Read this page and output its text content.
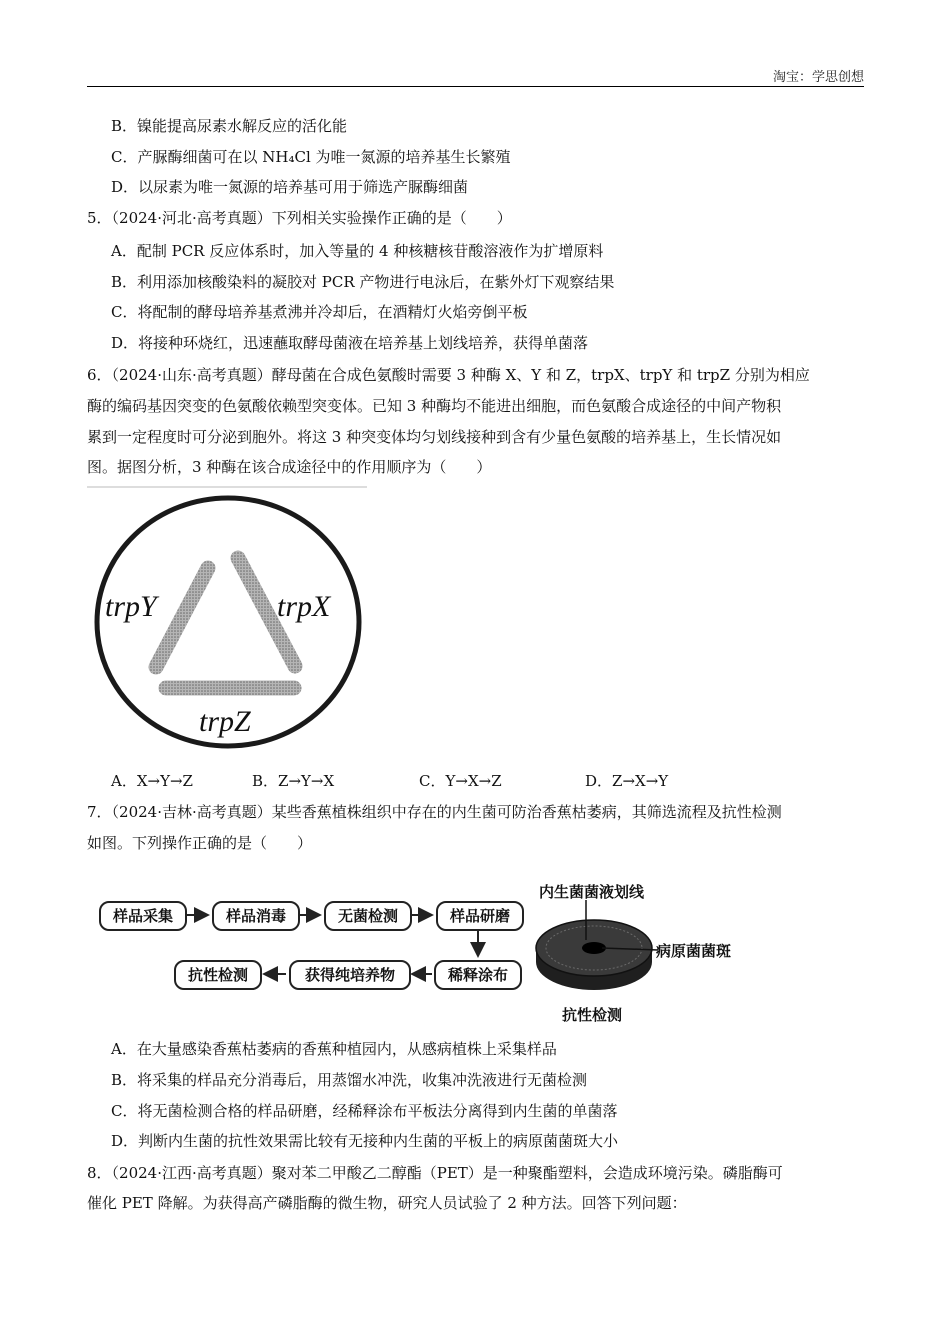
淘宝：学思创想
B．镍能提高尿素水解反应的活化能
C．产脲酶细菌可在以 NH₄Cl 为唯一氮源的培养基生长繁殖
D．以尿素为唯一氮源的培养基可用于筛选产脲酶细菌
5．（2024·河北·高考真题）下列相关实验操作正确的是（　　）
A．配制 PCR 反应体系时，加入等量的 4 种核糖核苷酸溶液作为扩增原料
B．利用添加核酸染料的凝胶对 PCR 产物进行电泳后，在紫外灯下观察结果
C．将配制的酵母培养基煮沸并冷却后，在酒精灯火焰旁倒平板
D．将接种环烧红，迅速蘸取酵母菌液在培养基上划线培养，获得单菌落
6．（2024·山东·高考真题）酵母菌在合成色氨酸时需要 3 种酶 X、Y 和 Z，trpX、trpY 和 trpZ 分别为相应
酶的编码基因突变的色氨酸依赖型突变体。已知 3 种酶均不能进出细胞，而色氨酸合成途径的中间产物积
累到一定程度时可分泌到胞外。将这 3 种突变体均匀划线接种到含有少量色氨酸的培养基上，生长情况如
图。据图分析，3 种酶在该合成途径中的作用顺序为（　　）
trpY	trpX
trpZ
A．X→Y→Z	B．Z→Y→X	C．Y→X→Z	D．Z→X→Y
7．（2024·吉林·高考真题）某些香蕉植株组织中存在的内生菌可防治香蕉枯萎病，其筛选流程及抗性检测
如图。下列操作正确的是（　　）
样品采集	样品消毒	无菌检测	样品研磨
稀释涂布
获得纯培养物
抗性检测
内生菌菌液划线
病原菌菌斑
抗性检测
A．在大量感染香蕉枯萎病的香蕉种植园内，从感病植株上采集样品
B．将采集的样品充分消毒后，用蒸馏水冲洗，收集冲洗液进行无菌检测
C．将无菌检测合格的样品研磨，经稀释涂布平板法分离得到内生菌的单菌落
D．判断内生菌的抗性效果需比较有无接种内生菌的平板上的病原菌菌斑大小
8．（2024·江西·高考真题）聚对苯二甲酸乙二醇酯（PET）是一种聚酯塑料，会造成环境污染。磷脂酶可
催化 PET 降解。为获得高产磷脂酶的微生物，研究人员试验了 2 种方法。回答下列问题：
